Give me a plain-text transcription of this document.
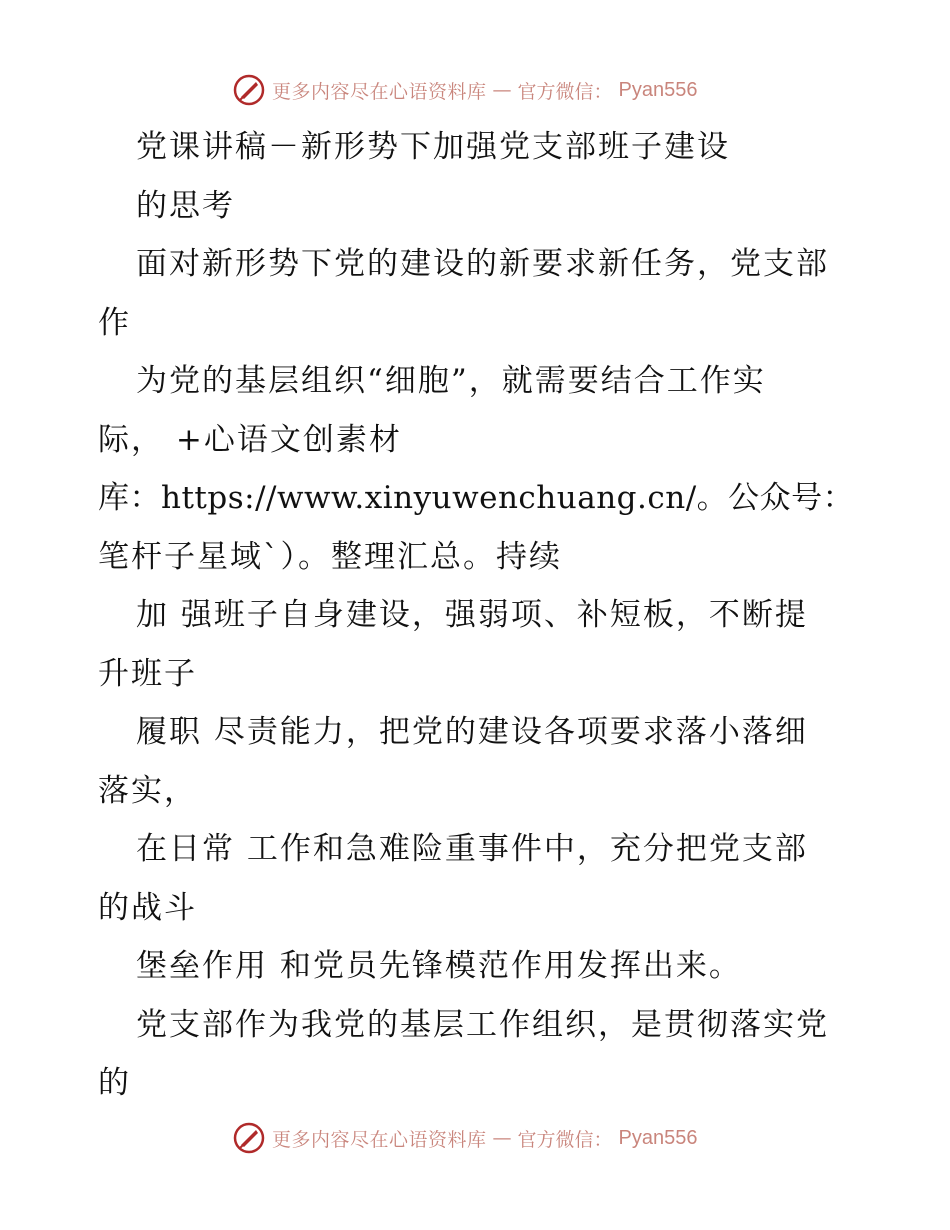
更多内容尽在心语资料库 — 官方微信： Pyan556
党课讲稿－新形势下加强党支部班子建设
的思考
面对新形势下党的建设的新要求新任务，党支部
作
为党的基层组织“细胞”，就需要结合工作实
际， +心语文创素材
库：https://www.xinyuwenchuang.cn/。公众号：
笔杆子星域`）。整理汇总。持续
加 强班子自身建设，强弱项、补短板，不断提
升班子
履职 尽责能力，把党的建设各项要求落小落细
落实，
在日常 工作和急难险重事件中，充分把党支部
的战斗
堡垒作用 和党员先锋模范作用发挥出来。
党支部作为我党的基层工作组织，是贯彻落实党
的
更多内容尽在心语资料库 — 官方微信： Pyan556
